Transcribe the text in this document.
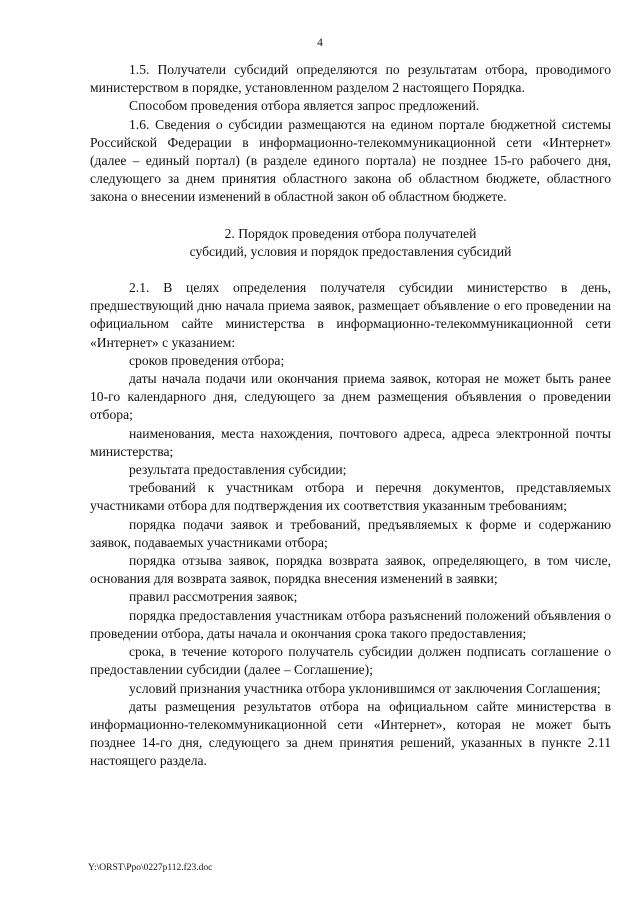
4

1.5. Получатели субсидий определяются по результатам отбора, проводимого министерством в порядке, установленном разделом 2 настоящего Порядка.

Способом проведения отбора является запрос предложений.

1.6. Сведения о субсидии размещаются на едином портале бюджетной системы Российской Федерации в информационно-телекоммуникационной сети «Интернет» (далее – единый портал) (в разделе единого портала) не позднее 15-го рабочего дня, следующего за днем принятия областного закона об областном бюджете, областного закона о внесении изменений в областной закон об областном бюджете.

2. Порядок проведения отбора получателей

субсидий, условия и порядок предоставления субсидий

2.1. В целях определения получателя субсидии министерство в день, предшествующий дню начала приема заявок, размещает объявление о его проведении на официальном сайте министерства в информационно-телекоммуникационной сети «Интернет» с указанием:

сроков проведения отбора;

даты начала подачи или окончания приема заявок, которая не может быть ранее 10-го календарного дня, следующего за днем размещения объявления о проведении отбора;

наименования, места нахождения, почтового адреса, адреса электронной почты министерства;

результата предоставления субсидии;

требований к участникам отбора и перечня документов, представляемых участниками отбора для подтверждения их соответствия указанным требованиям;

порядка подачи заявок и требований, предъявляемых к форме и содержанию заявок, подаваемых участниками отбора;

порядка отзыва заявок, порядка возврата заявок, определяющего, в том числе, основания для возврата заявок, порядка внесения изменений в заявки;

правил рассмотрения заявок;

порядка предоставления участникам отбора разъяснений положений объявления о проведении отбора, даты начала и окончания срока такого предоставления;

срока, в течение которого получатель субсидии должен подписать соглашение о предоставлении субсидии (далее – Соглашение);

условий признания участника отбора уклонившимся от заключения Соглашения;

даты размещения результатов отбора на официальном сайте министерства в информационно-телекоммуникационной сети «Интернет», которая не может быть позднее 14-го дня, следующего за днем принятия решений, указанных в пункте 2.11 настоящего раздела.

Y:\ORST\Ppo\0227p112.f23.doc
